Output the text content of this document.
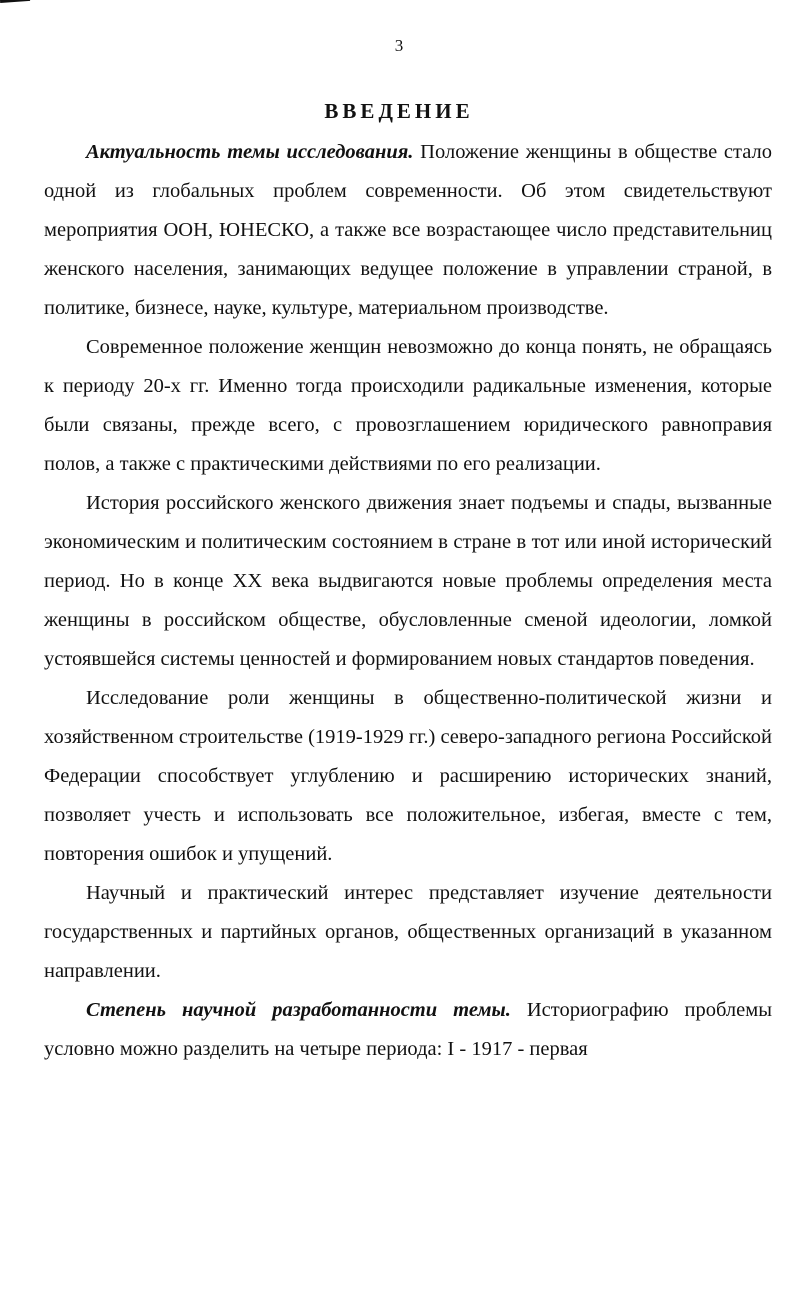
3
ВВЕДЕНИЕ

Актуальность темы исследования. Положение женщины в обществе стало одной из глобальных проблем современности. Об этом свидетельствуют мероприятия ООН, ЮНЕСКО, а также все возрастающее число представительниц женского населения, занимающих ведущее положение в управлении страной, в политике, бизнесе, науке, культуре, материальном производстве.

Современное положение женщин невозможно до конца понять, не обращаясь к периоду 20-х гг. Именно тогда происходили радикальные изменения, которые были связаны, прежде всего, с провозглашением юридического равноправия полов, а также с практическими действиями по его реализации.

История российского женского движения знает подъемы и спады, вызванные экономическим и политическим состоянием в стране в тот или иной исторический период. Но в конце XX века выдвигаются новые проблемы определения места женщины в российском обществе, обусловленные сменой идеологии, ломкой устоявшейся системы ценностей и формированием новых стандартов поведения.

Исследование роли женщины в общественно-политической жизни и хозяйственном строительстве (1919-1929 гг.) северо-западного региона Российской Федерации способствует углублению и расширению исторических знаний, позволяет учесть и использовать все положительное, избегая, вместе с тем, повторения ошибок и упущений.

Научный и практический интерес представляет изучение деятельности государственных и партийных органов, общественных организаций в указанном направлении.

Степень научной разработанности темы. Историографию проблемы условно можно разделить на четыре периода: I - 1917 - первая
